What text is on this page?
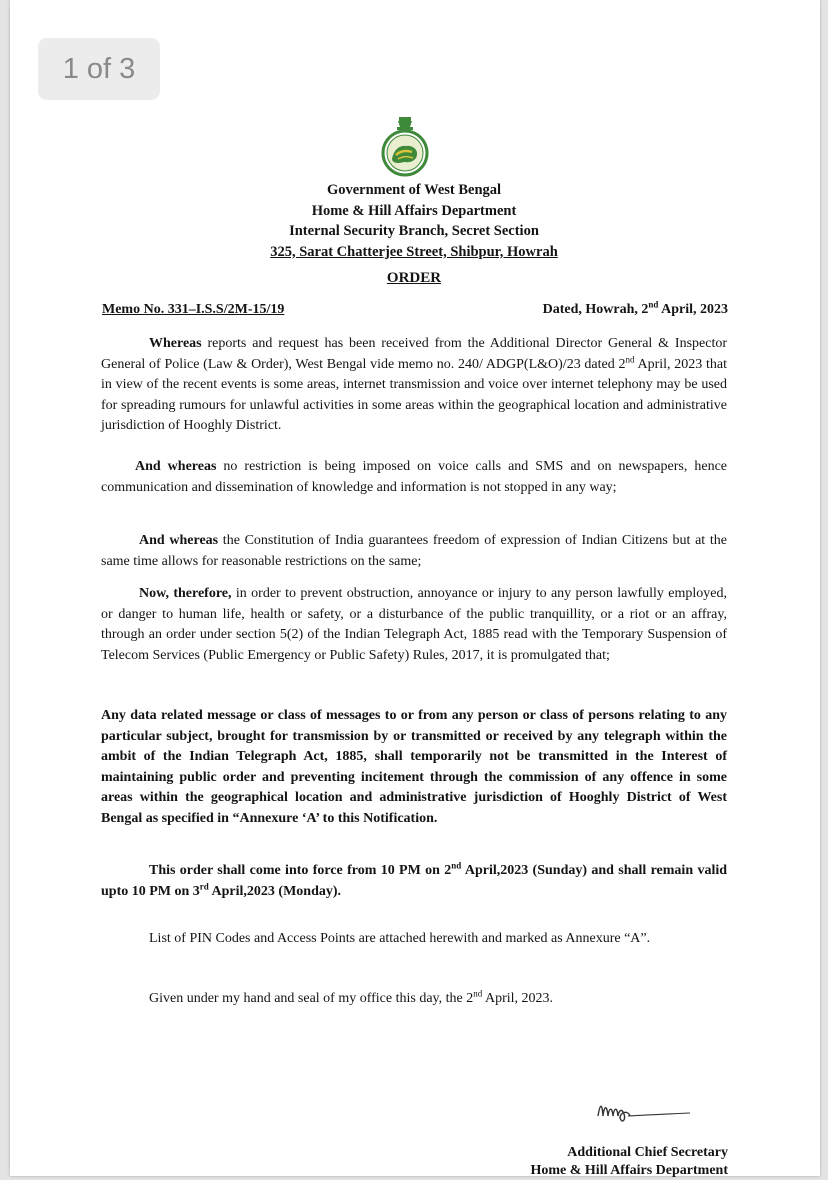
1 of 3
Government of West Bengal
Home & Hill Affairs Department
Internal Security Branch, Secret Section
325, Sarat Chatterjee Street, Shibpur, Howrah
ORDER
Memo No. 331–I.S.S/2M-15/19	Dated, Howrah, 2nd April, 2023

Whereas reports and request has been received from the Additional Director General & Inspector General of Police (Law & Order), West Bengal vide memo no. 240/ ADGP(L&O)/23 dated 2nd April, 2023 that in view of the recent events is some areas, internet transmission and voice over internet telephony may be used for spreading rumours for unlawful activities in some areas within the geographical location and administrative jurisdiction of Hooghly District.

And whereas no restriction is being imposed on voice calls and SMS and on newspapers, hence communication and dissemination of knowledge and information is not stopped in any way;

And whereas the Constitution of India guarantees freedom of expression of Indian Citizens but at the same time allows for reasonable restrictions on the same;

Now, therefore, in order to prevent obstruction, annoyance or injury to any person lawfully employed, or danger to human life, health or safety, or a disturbance of the public tranquillity, or a riot or an affray, through an order under section 5(2) of the Indian Telegraph Act, 1885 read with the Temporary Suspension of Telecom Services (Public Emergency or Public Safety) Rules, 2017, it is promulgated that;

Any data related message or class of messages to or from any person or class of persons relating to any particular subject, brought for transmission by or transmitted or received by any telegraph within the ambit of the Indian Telegraph Act, 1885, shall temporarily not be transmitted in the Interest of maintaining public order and preventing incitement through the commission of any offence in some areas within the geographical location and administrative jurisdiction of Hooghly District of West Bengal as specified in “Annexure ‘A’ to this Notification.

This order shall come into force from 10 PM on 2nd April,2023 (Sunday) and shall remain valid upto 10 PM on 3rd April,2023 (Monday).

List of PIN Codes and Access Points are attached herewith and marked as Annexure “A”.

Given under my hand and seal of my office this day, the 2nd April, 2023.

Additional Chief Secretary
Home & Hill Affairs Department
